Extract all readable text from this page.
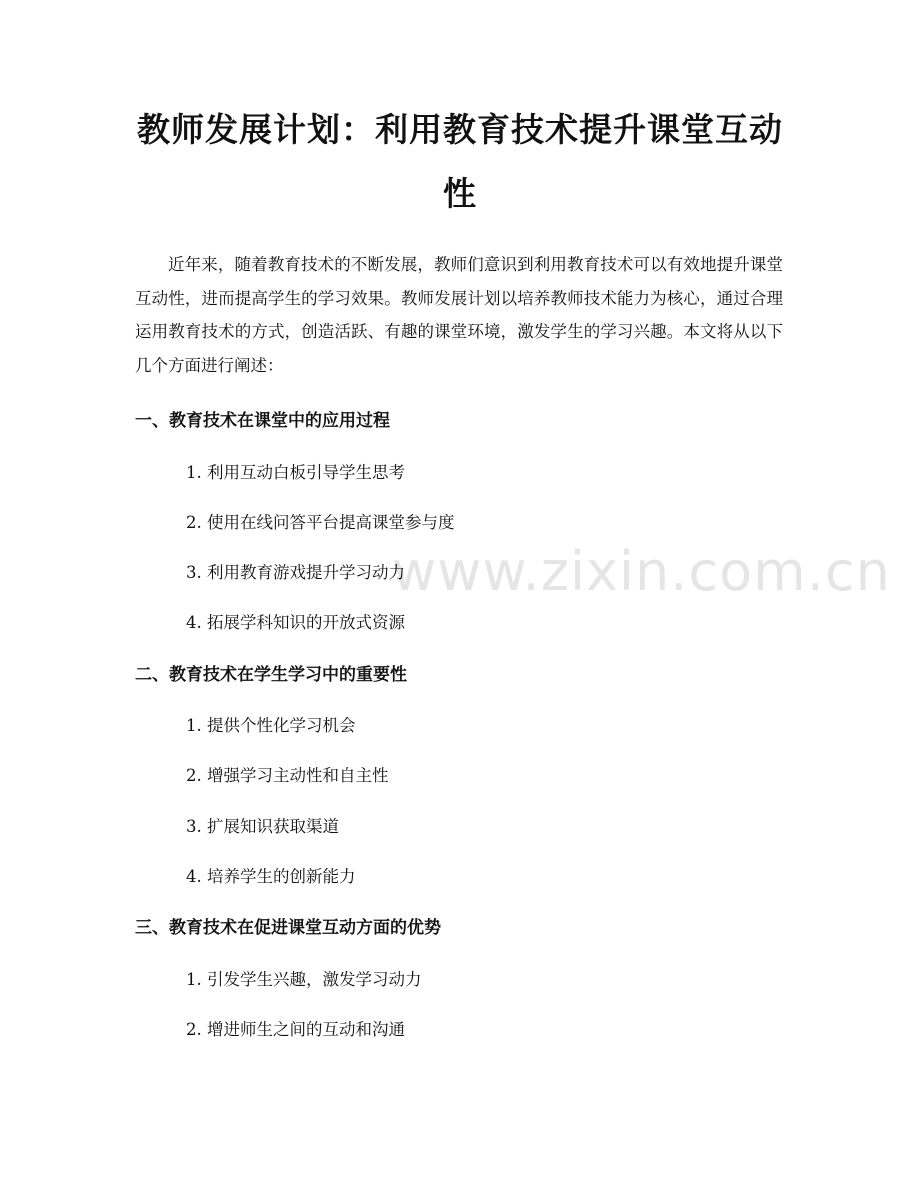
教师发展计划：利用教育技术提升课堂互动
性

近年来，随着教育技术的不断发展，教师们意识到利用教育技术可以有效地提升课堂互动性，进而提高学生的学习效果。教师发展计划以培养教师技术能力为核心，通过合理运用教育技术的方式，创造活跃、有趣的课堂环境，激发学生的学习兴趣。本文将从以下几个方面进行阐述：

一、教育技术在课堂中的应用过程

1. 利用互动白板引导学生思考

2. 使用在线问答平台提高课堂参与度

3. 利用教育游戏提升学习动力

4. 拓展学科知识的开放式资源

二、教育技术在学生学习中的重要性

1. 提供个性化学习机会

2. 增强学习主动性和自主性

3. 扩展知识获取渠道

4. 培养学生的创新能力

三、教育技术在促进课堂互动方面的优势

1. 引发学生兴趣，激发学习动力

2. 增进师生之间的互动和沟通

www.zixin.com.cn
